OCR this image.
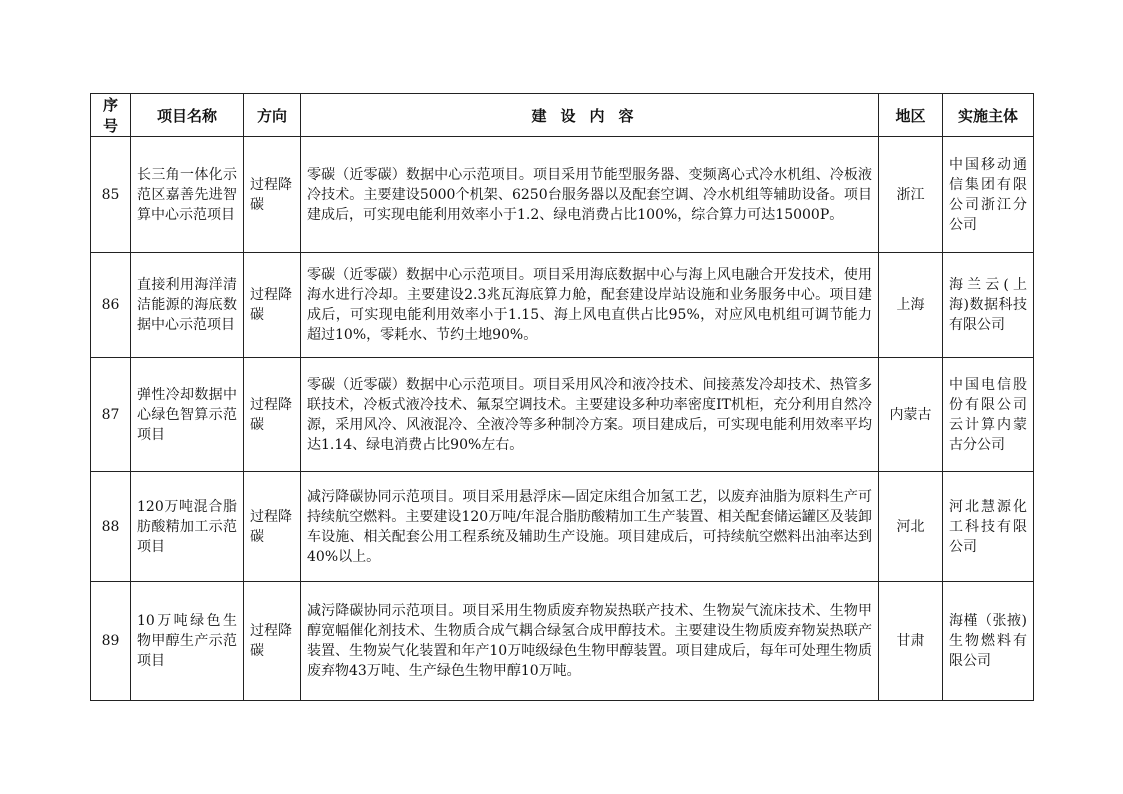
序号	项目名称	方向	建设内容	地区	实施主体
85	长三角一体化示范区嘉善先进智算中心示范项目	过程降碳	零碳（近零碳）数据中心示范项目。项目采用节能型服务器、变频离心式冷水机组、冷板液冷技术。主要建设5000个机架、6250台服务器以及配套空调、冷水机组等辅助设备。项目建成后，可实现电能利用效率小于1.2、绿电消费占比100%，综合算力可达15000P。	浙江	中国移动通信集团有限公司浙江分公司
86	直接利用海洋清洁能源的海底数据中心示范项目	过程降碳	零碳（近零碳）数据中心示范项目。项目采用海底数据中心与海上风电融合开发技术，使用海水进行冷却。主要建设2.3兆瓦海底算力舱，配套建设岸站设施和业务服务中心。项目建成后，可实现电能利用效率小于1.15、海上风电直供占比95%，对应风电机组可调节能力超过10%，零耗水、节约土地90%。	上海	海兰云(上海)数据科技有限公司
87	弹性冷却数据中心绿色智算示范项目	过程降碳	零碳（近零碳）数据中心示范项目。项目采用风冷和液冷技术、间接蒸发冷却技术、热管多联技术，冷板式液冷技术、氟泵空调技术。主要建设多种功率密度IT机柜，充分利用自然冷源，采用风冷、风液混冷、全液冷等多种制冷方案。项目建成后，可实现电能利用效率平均达1.14、绿电消费占比90%左右。	内蒙古	中国电信股份有限公司云计算内蒙古分公司
88	120万吨混合脂肪酸精加工示范项目	过程降碳	减污降碳协同示范项目。项目采用悬浮床—固定床组合加氢工艺，以废弃油脂为原料生产可持续航空燃料。主要建设120万吨/年混合脂肪酸精加工生产装置、相关配套储运罐区及装卸车设施、相关配套公用工程系统及辅助生产设施。项目建成后，可持续航空燃料出油率达到40%以上。	河北	河北慧源化工科技有限公司
89	10万吨绿色生物甲醇生产示范项目	过程降碳	减污降碳协同示范项目。项目采用生物质废弃物炭热联产技术、生物炭气流床技术、生物甲醇宽幅催化剂技术、生物质合成气耦合绿氢合成甲醇技术。主要建设生物质废弃物炭热联产装置、生物炭气化装置和年产10万吨级绿色生物甲醇装置。项目建成后，每年可处理生物质废弃物43万吨、生产绿色生物甲醇10万吨。	甘肃	海槿（张掖)生物燃料有限公司
